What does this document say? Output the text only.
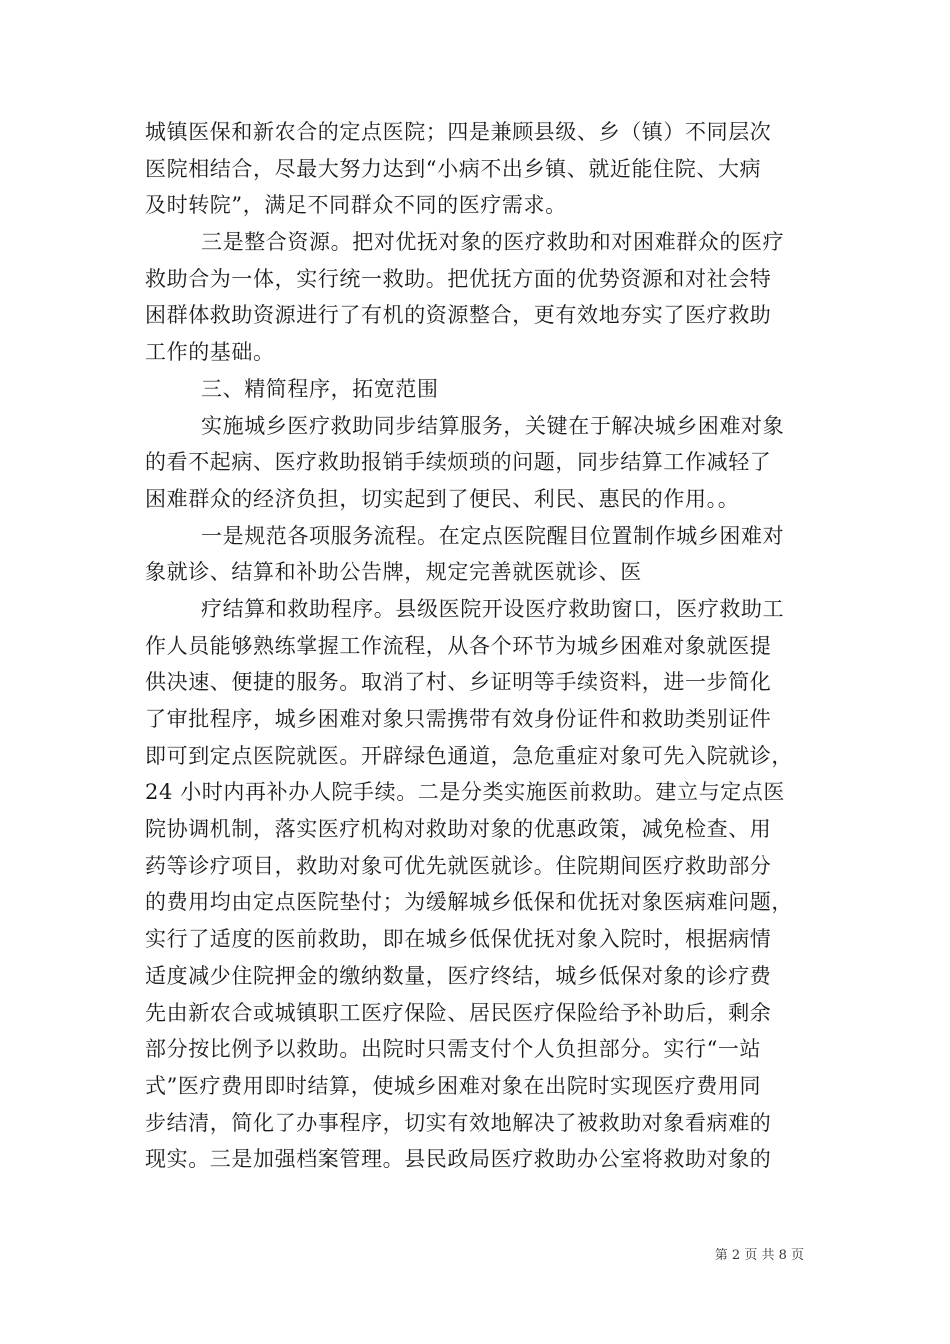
城镇医保和新农合的定点医院；四是兼顾县级、乡（镇）不同层次
医院相结合，尽最大努力达到“小病不出乡镇、就近能住院、大病
及时转院”，满足不同群众不同的医疗需求。
三是整合资源。把对优抚对象的医疗救助和对困难群众的医疗
救助合为一体，实行统一救助。把优抚方面的优势资源和对社会特
困群体救助资源进行了有机的资源整合，更有效地夯实了医疗救助
工作的基础。
三、精简程序，拓宽范围
实施城乡医疗救助同步结算服务，关键在于解决城乡困难对象
的看不起病、医疗救助报销手续烦琐的问题，同步结算工作减轻了
困难群众的经济负担，切实起到了便民、利民、惠民的作用。。
一是规范各项服务流程。在定点医院醒目位置制作城乡困难对
象就诊、结算和补助公告牌，规定完善就医就诊、医
疗结算和救助程序。县级医院开设医疗救助窗口，医疗救助工
作人员能够熟练掌握工作流程，从各个环节为城乡困难对象就医提
供决速、便捷的服务。取消了村、乡证明等手续资料，进一步简化
了审批程序，城乡困难对象只需携带有效身份证件和救助类别证件
即可到定点医院就医。开辟绿色通道，急危重症对象可先入院就诊，
24 小时内再补办人院手续。二是分类实施医前救助。建立与定点医
院协调机制，落实医疗机构对救助对象的优惠政策，减免检查、用
药等诊疗项目，救助对象可优先就医就诊。住院期间医疗救助部分
的费用均由定点医院垫付；为缓解城乡低保和优抚对象医病难问题，
实行了适度的医前救助，即在城乡低保优抚对象入院时，根据病情
适度减少住院押金的缴纳数量，医疗终结，城乡低保对象的诊疗费
先由新农合或城镇职工医疗保险、居民医疗保险给予补助后，剩余
部分按比例予以救助。出院时只需支付个人负担部分。实行“一站
式”医疗费用即时结算，使城乡困难对象在出院时实现医疗费用同
步结清，简化了办事程序，切实有效地解决了被救助对象看病难的
现实。三是加强档案管理。县民政局医疗救助办公室将救助对象的
第 2 页 共 8 页
